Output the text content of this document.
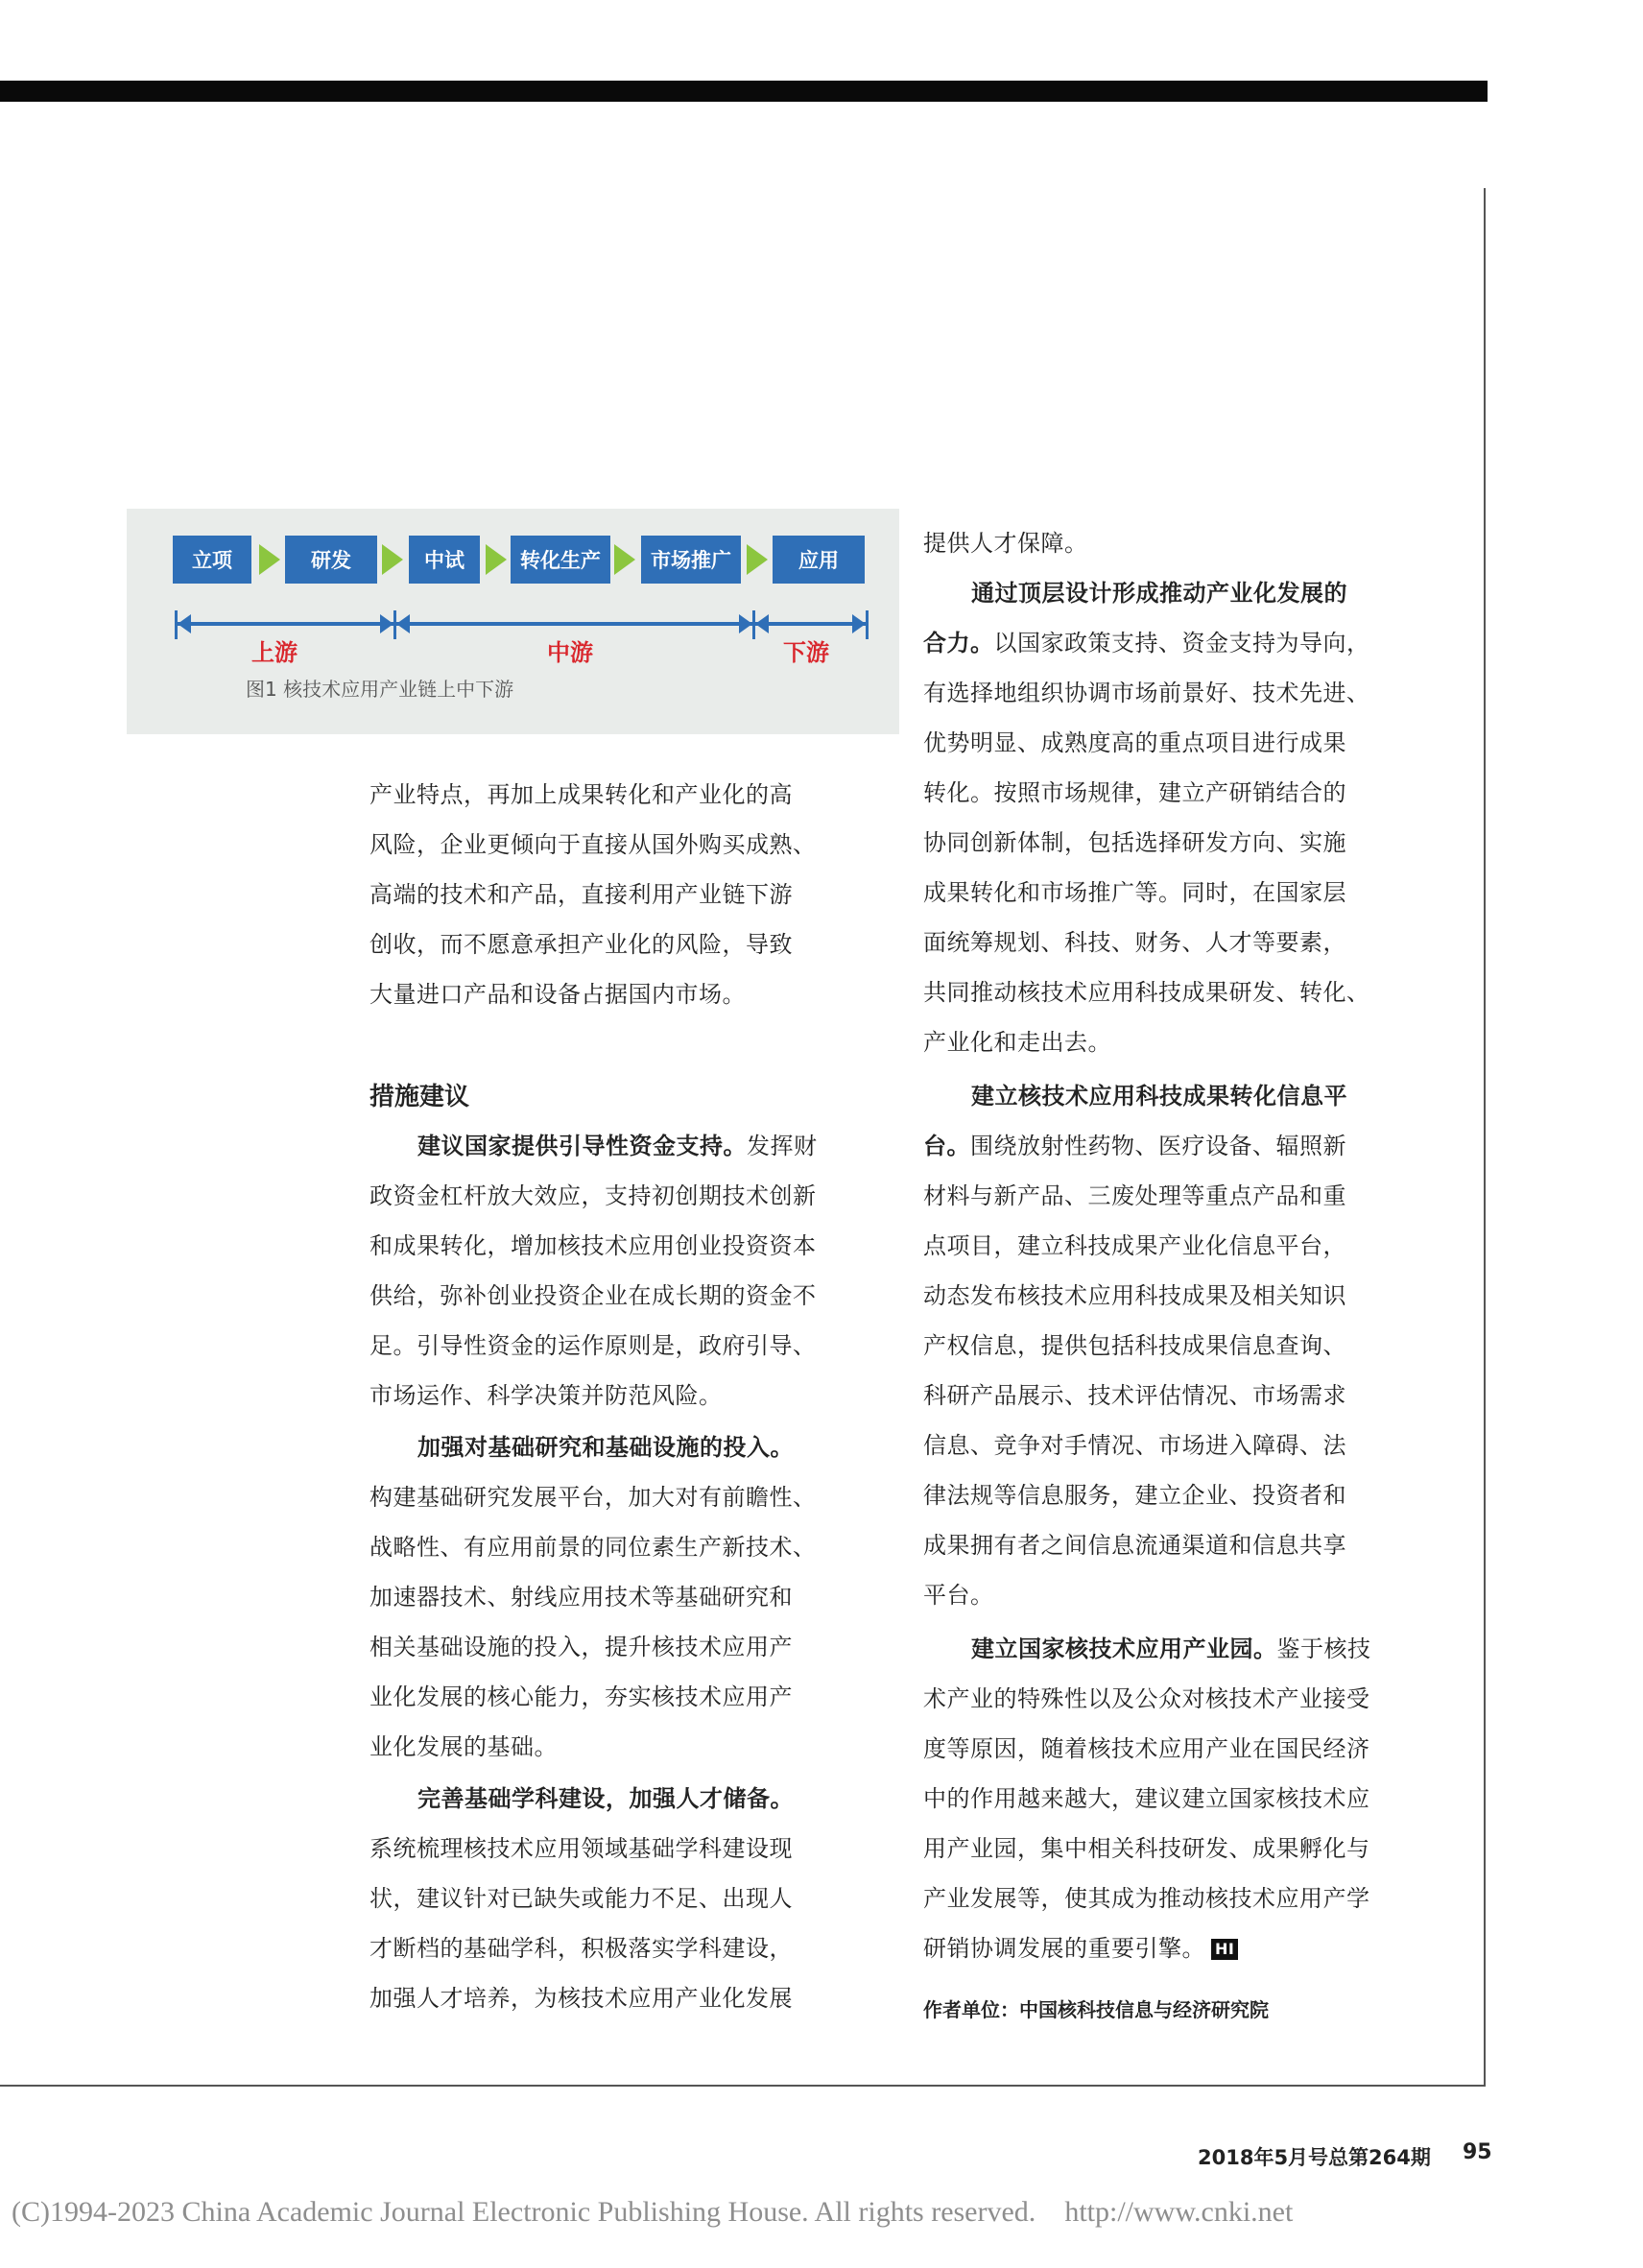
立项	研发	中试	转化生产	市场推广	应用
上游	中游	下游
图1 核技术应用产业链上中下游
产业特点，再加上成果转化和产业化的高
风险，企业更倾向于直接从国外购买成熟、
高端的技术和产品，直接利用产业链下游
创收，而不愿意承担产业化的风险，导致
大量进口产品和设备占据国内市场。
措施建议
建议国家提供引导性资金支持。发挥财
政资金杠杆放大效应，支持初创期技术创新
和成果转化，增加核技术应用创业投资资本
供给，弥补创业投资企业在成长期的资金不
足。引导性资金的运作原则是，政府引导、
市场运作、科学决策并防范风险。
加强对基础研究和基础设施的投入。
构建基础研究发展平台，加大对有前瞻性、
战略性、有应用前景的同位素生产新技术、
加速器技术、射线应用技术等基础研究和
相关基础设施的投入，提升核技术应用产
业化发展的核心能力，夯实核技术应用产
业化发展的基础。
完善基础学科建设，加强人才储备。
系统梳理核技术应用领域基础学科建设现
状，建议针对已缺失或能力不足、出现人
才断档的基础学科，积极落实学科建设，
加强人才培养，为核技术应用产业化发展
提供人才保障。
通过顶层设计形成推动产业化发展的
合力。以国家政策支持、资金支持为导向，
有选择地组织协调市场前景好、技术先进、
优势明显、成熟度高的重点项目进行成果
转化。按照市场规律，建立产研销结合的
协同创新体制，包括选择研发方向、实施
成果转化和市场推广等。同时，在国家层
面统筹规划、科技、财务、人才等要素，
共同推动核技术应用科技成果研发、转化、
产业化和走出去。
建立核技术应用科技成果转化信息平
台。围绕放射性药物、医疗设备、辐照新
材料与新产品、三废处理等重点产品和重
点项目，建立科技成果产业化信息平台，
动态发布核技术应用科技成果及相关知识
产权信息，提供包括科技成果信息查询、
科研产品展示、技术评估情况、市场需求
信息、竞争对手情况、市场进入障碍、法
律法规等信息服务，建立企业、投资者和
成果拥有者之间信息流通渠道和信息共享
平台。
建立国家核技术应用产业园。鉴于核技
术产业的特殊性以及公众对核技术产业接受
度等原因，随着核技术应用产业在国民经济
中的作用越来越大，建议建立国家核技术应
用产业园，集中相关科技研发、成果孵化与
产业发展等，使其成为推动核技术应用产学
研销协调发展的重要引擎。 HI
作者单位：中国核科技信息与经济研究院
2018年5月号总第264期 95
(C)1994-2023 China Academic Journal Electronic Publishing House. All rights reserved. http://www.cnki.net
